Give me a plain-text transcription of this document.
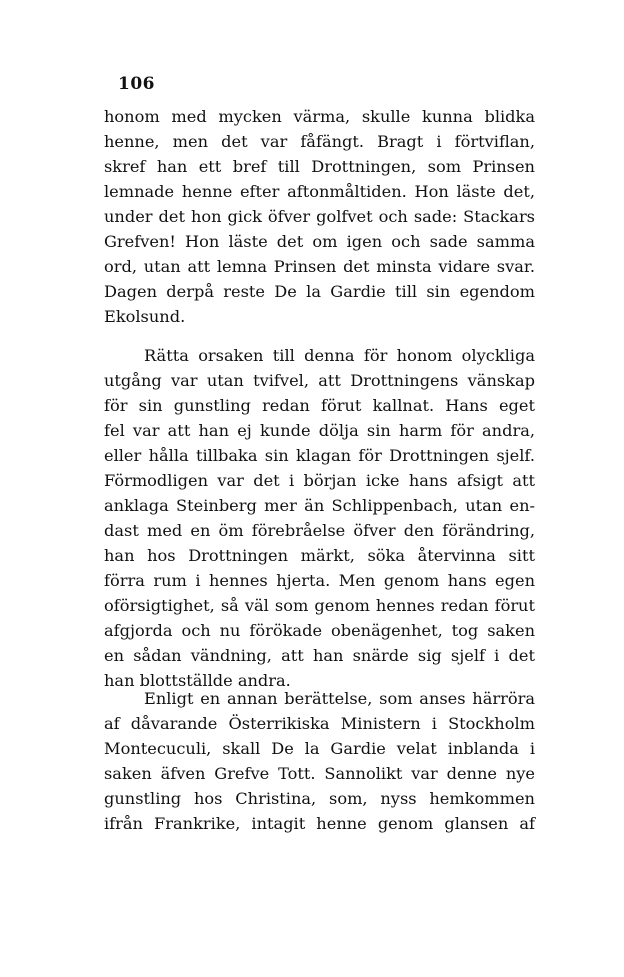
106
honom med mycken värma, skulle kunna blidka
henne, men det var fåfängt. Bragt i förtviflan,
skref han ett bref till Drottningen, som Prinsen
lemnade henne efter aftonmåltiden. Hon läste det,
under det hon gick öfver golfvet och sade: Stackars
Grefven! Hon läste det om igen och sade samma
ord, utan att lemna Prinsen det minsta vidare svar.
Dagen derpå reste De la Gardie till sin egendom
Ekolsund.
Rätta orsaken till denna för honom olyckliga
utgång var utan tvifvel, att Drottningens vänskap
för sin gunstling redan förut kallnat. Hans eget
fel var att han ej kunde dölja sin harm för andra,
eller hålla tillbaka sin klagan för Drottningen sjelf.
Förmodligen var det i början icke hans afsigt att
anklaga Steinberg mer än Schlippenbach, utan en-
dast med en öm förebråelse öfver den förändring,
han hos Drottningen märkt, söka återvinna sitt
förra rum i hennes hjerta. Men genom hans egen
oförsigtighet, så väl som genom hennes redan förut
afgjorda och nu förökade obenägenhet, tog saken
en sådan vändning, att han snärde sig sjelf i det
han blottställde andra.
Enligt en annan berättelse, som anses härröra
af dåvarande Österrikiska Ministern i Stockholm
Montecuculi, skall De la Gardie velat inblanda i
saken äfven Grefve Tott. Sannolikt var denne nye
gunstling hos Christina, som, nyss hemkommen
ifrån Frankrike, intagit henne genom glansen af
